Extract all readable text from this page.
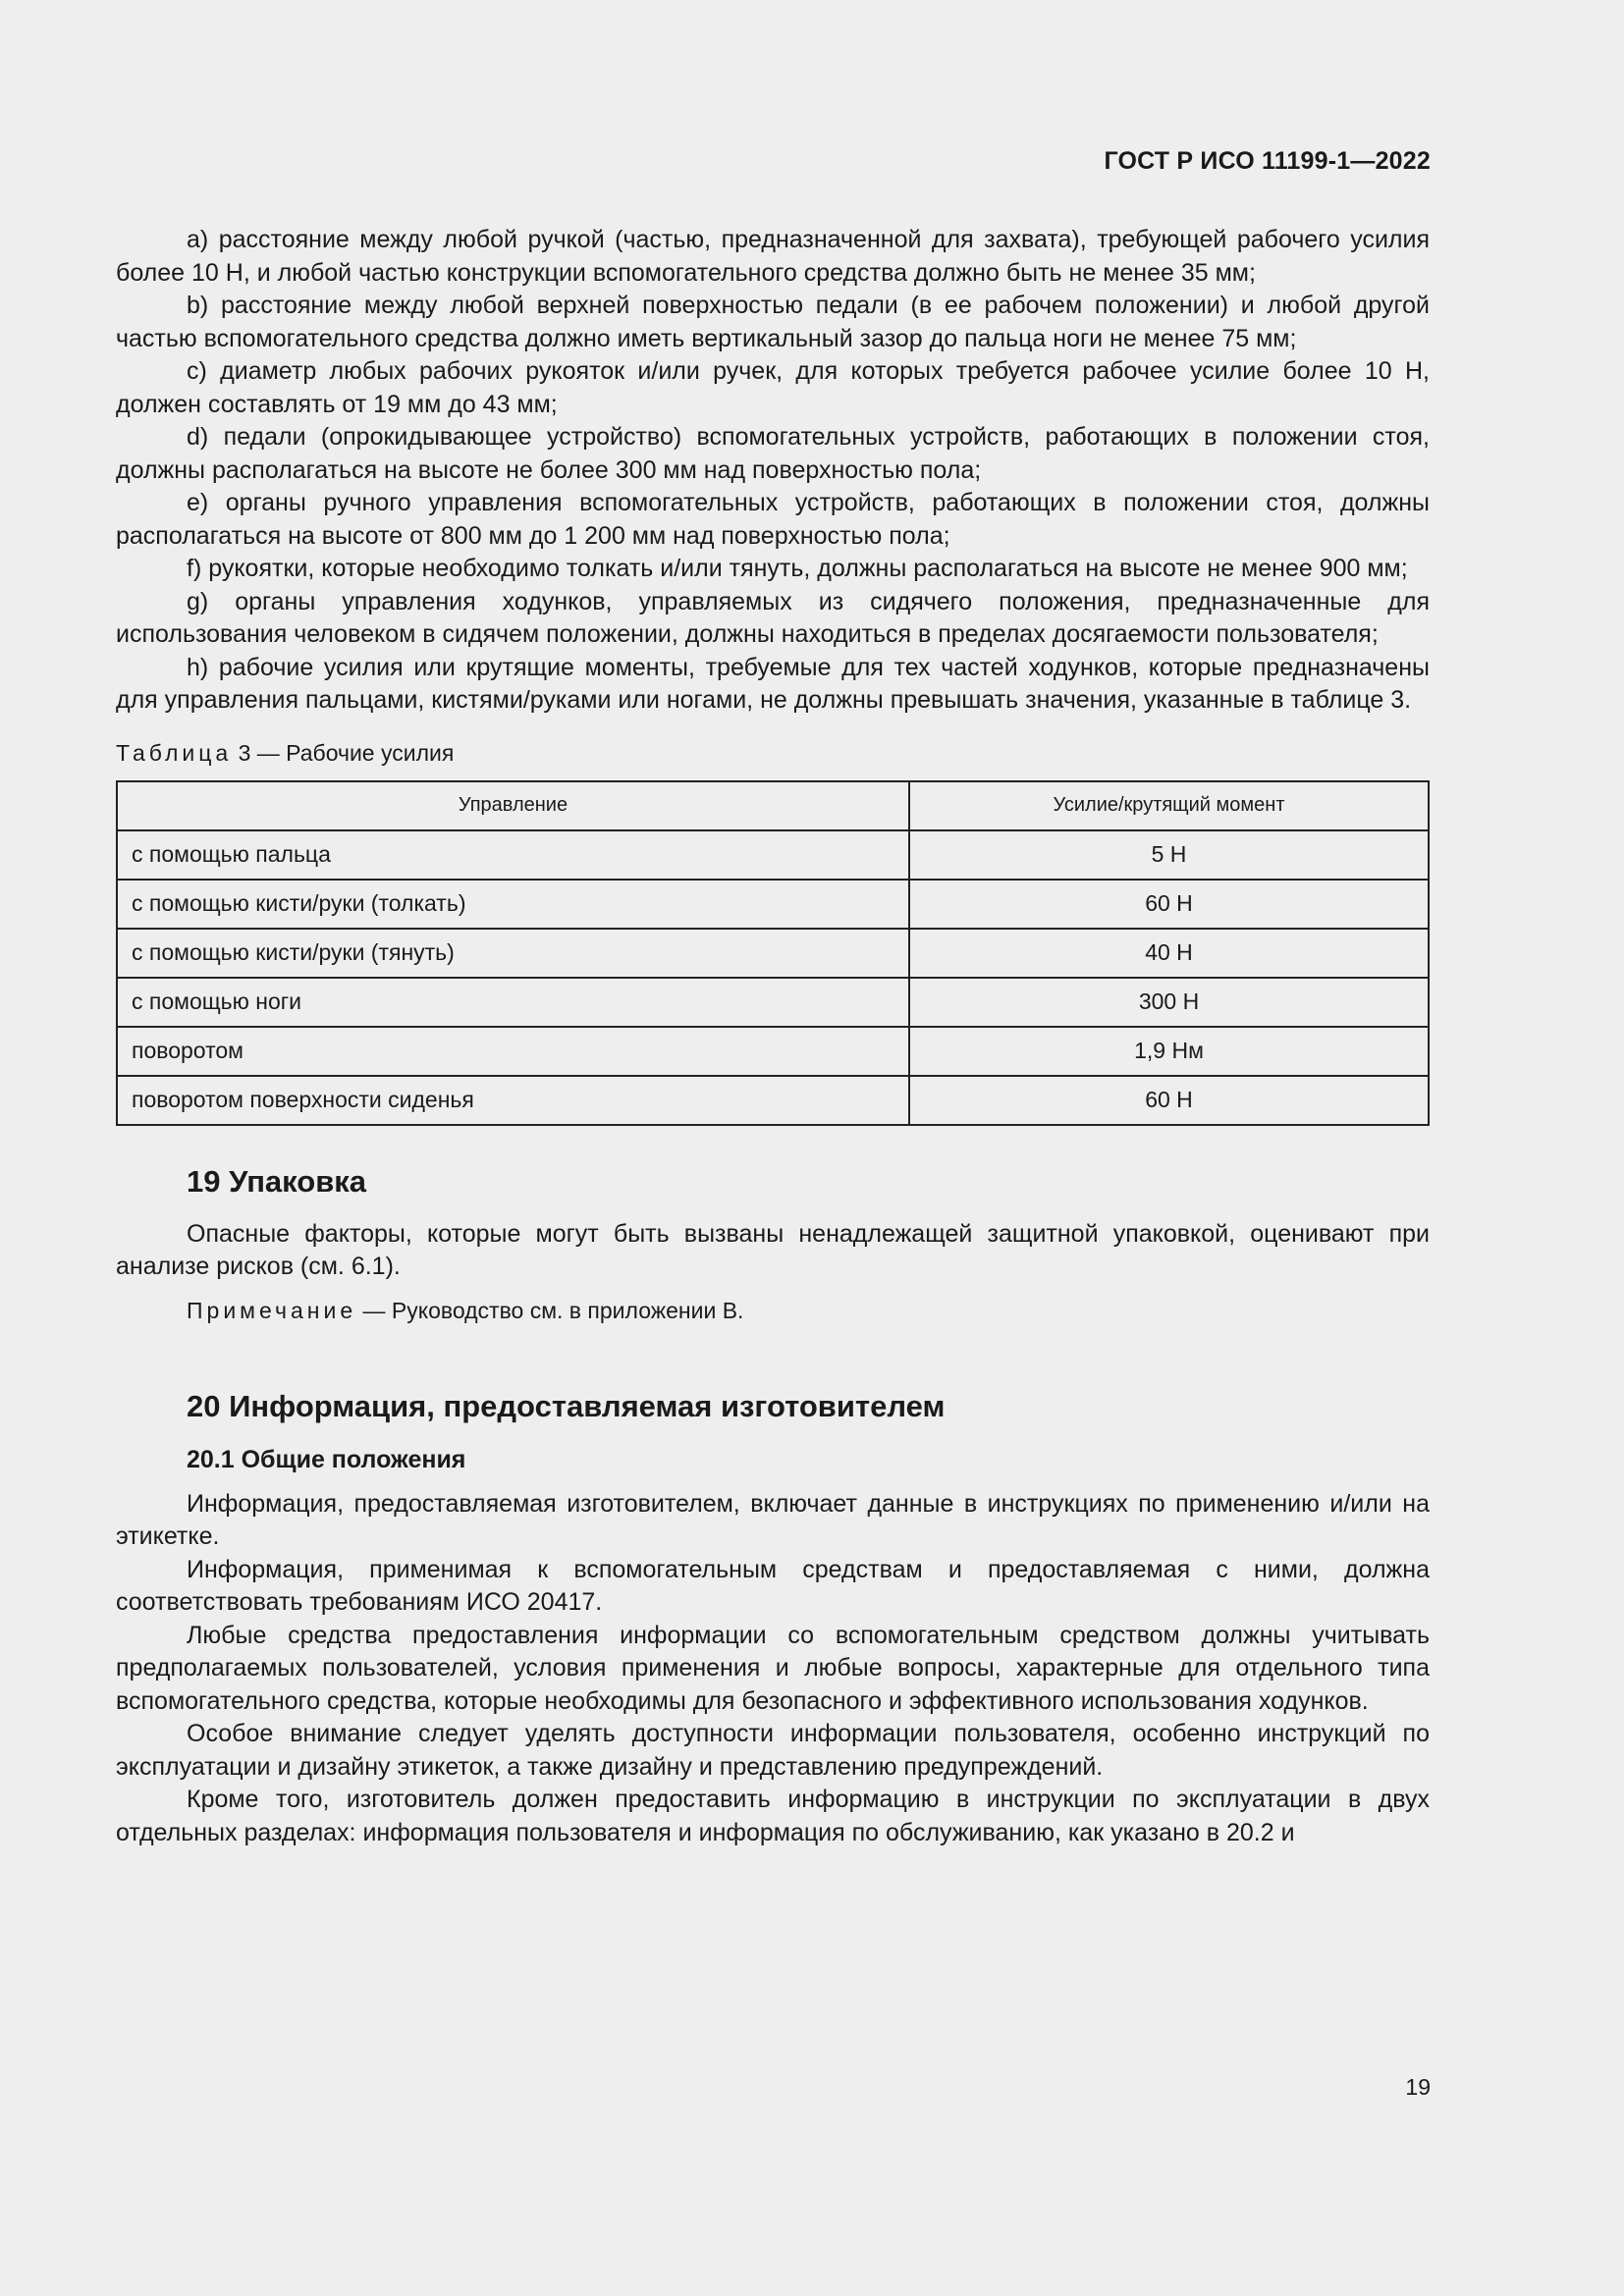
ГОСТ Р ИСО 11199-1—2022

a) расстояние между любой ручкой (частью, предназначенной для захвата), требующей рабочего усилия более 10 Н, и любой частью конструкции вспомогательного средства должно быть не менее 35 мм;

b) расстояние между любой верхней поверхностью педали (в ее рабочем положении) и любой другой частью вспомогательного средства должно иметь вертикальный зазор до пальца ноги не менее 75 мм;

c) диаметр любых рабочих рукояток и/или ручек, для которых требуется рабочее усилие более 10 Н, должен составлять от 19 мм до 43 мм;

d) педали (опрокидывающее устройство) вспомогательных устройств, работающих в положении стоя, должны располагаться на высоте не более 300 мм над поверхностью пола;

e) органы ручного управления вспомогательных устройств, работающих в положении стоя, должны располагаться на высоте от 800 мм до 1 200 мм над поверхностью пола;

f) рукоятки, которые необходимо толкать и/или тянуть, должны располагаться на высоте не менее 900 мм;

g) органы управления ходунков, управляемых из сидячего положения, предназначенные для использования человеком в сидячем положении, должны находиться в пределах досягаемости пользователя;

h) рабочие усилия или крутящие моменты, требуемые для тех частей ходунков, которые предназначены для управления пальцами, кистями/руками или ногами, не должны превышать значения, указанные в таблице 3.

Таблица 3 — Рабочие усилия
Управление	Усилие/крутящий момент
с помощью пальца	5 Н
с помощью кисти/руки (толкать)	60 Н
с помощью кисти/руки (тянуть)	40 Н
с помощью ноги	300 Н
поворотом	1,9 Нм
поворотом поверхности сиденья	60 Н
19 Упаковка

Опасные факторы, которые могут быть вызваны ненадлежащей защитной упаковкой, оценивают при анализе рисков (см. 6.1).

Примечание — Руководство см. в приложении B.
20 Информация, предоставляемая изготовителем
20.1 Общие положения

Информация, предоставляемая изготовителем, включает данные в инструкциях по применению и/или на этикетке.

Информация, применимая к вспомогательным средствам и предоставляемая с ними, должна соответствовать требованиям ИСО 20417.

Любые средства предоставления информации со вспомогательным средством должны учитывать предполагаемых пользователей, условия применения и любые вопросы, характерные для отдельного типа вспомогательного средства, которые необходимы для безопасного и эффективного использования ходунков.

Особое внимание следует уделять доступности информации пользователя, особенно инструкций по эксплуатации и дизайну этикеток, а также дизайну и представлению предупреждений.

Кроме того, изготовитель должен предоставить информацию в инструкции по эксплуатации в двух отдельных разделах: информация пользователя и информация по обслуживанию, как указано в 20.2 и

19
